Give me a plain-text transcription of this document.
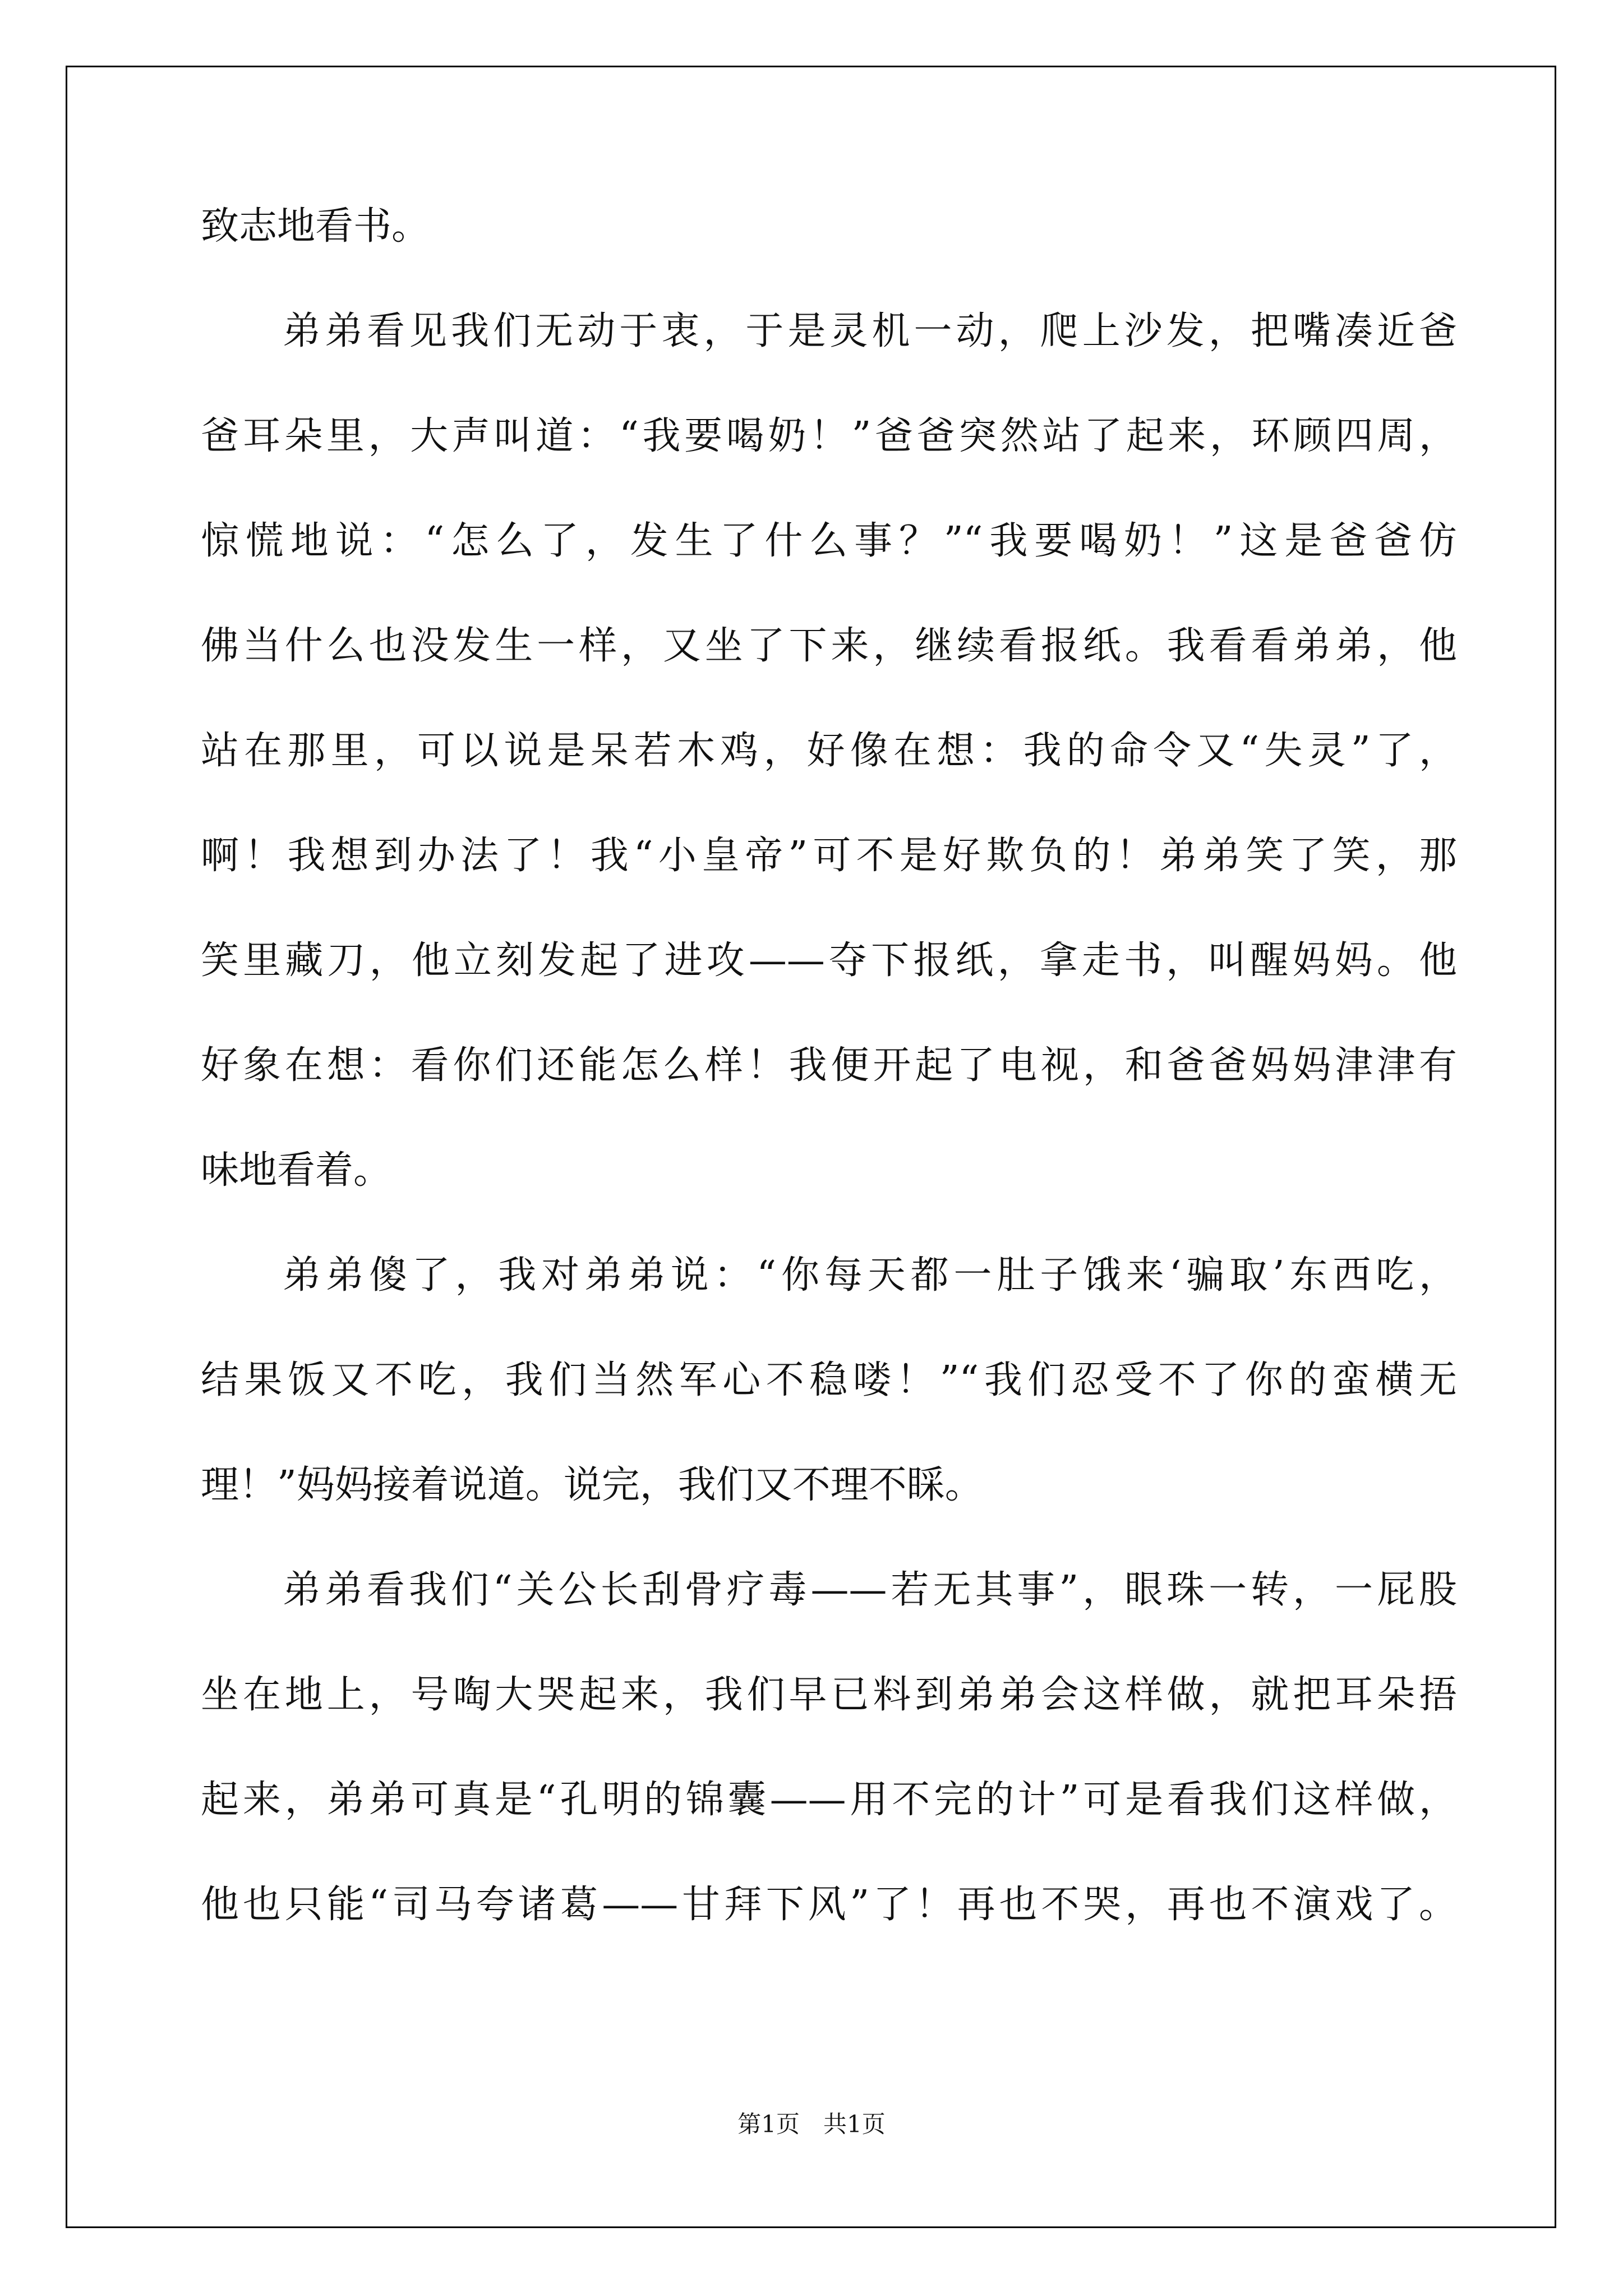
致志地看书。
弟弟看见我们无动于衷，于是灵机一动，爬上沙发，把嘴凑近爸
爸耳朵里，大声叫道：“我要喝奶！”爸爸突然站了起来，环顾四周，
惊慌地说：“怎么了，发生了什么事？”“我要喝奶！”这是爸爸仿
佛当什么也没发生一样，又坐了下来，继续看报纸。我看看弟弟，他
站在那里，可以说是呆若木鸡，好像在想：我的命令又“失灵”了，
啊！我想到办法了！我“小皇帝”可不是好欺负的！弟弟笑了笑，那
笑里藏刀，他立刻发起了进攻——夺下报纸，拿走书，叫醒妈妈。他
好象在想：看你们还能怎么样！我便开起了电视，和爸爸妈妈津津有
味地看着。
弟弟傻了，我对弟弟说：“你每天都一肚子饿来‘骗取’东西吃，
结果饭又不吃，我们当然军心不稳喽！”“我们忍受不了你的蛮横无
理！”妈妈接着说道。说完，我们又不理不睬。
弟弟看我们“关公长刮骨疗毒——若无其事”，眼珠一转，一屁股
坐在地上，号啕大哭起来，我们早已料到弟弟会这样做，就把耳朵捂
起来，弟弟可真是“孔明的锦囊——用不完的计”可是看我们这样做，
他也只能“司马夸诸葛——甘拜下风”了！再也不哭，再也不演戏了。
第1页　共1页
